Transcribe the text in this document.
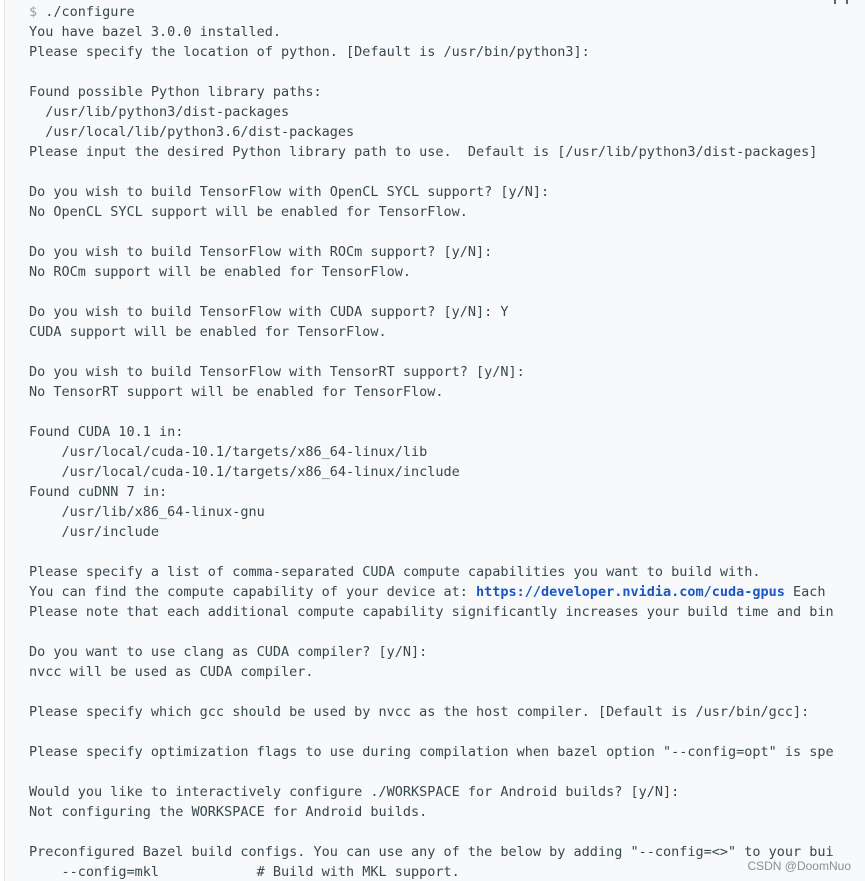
$ ./configure
You have bazel 3.0.0 installed.
Please specify the location of python. [Default is /usr/bin/python3]:
Found possible Python library paths:
/usr/lib/python3/dist-packages
/usr/local/lib/python3.6/dist-packages
Please input the desired Python library path to use.  Default is [/usr/lib/python3/dist-packages]
Do you wish to build TensorFlow with OpenCL SYCL support? [y/N]:
No OpenCL SYCL support will be enabled for TensorFlow.
Do you wish to build TensorFlow with ROCm support? [y/N]:
No ROCm support will be enabled for TensorFlow.
Do you wish to build TensorFlow with CUDA support? [y/N]: Y
CUDA support will be enabled for TensorFlow.
Do you wish to build TensorFlow with TensorRT support? [y/N]:
No TensorRT support will be enabled for TensorFlow.
Found CUDA 10.1 in:
/usr/local/cuda-10.1/targets/x86_64-linux/lib
/usr/local/cuda-10.1/targets/x86_64-linux/include
Found cuDNN 7 in:
/usr/lib/x86_64-linux-gnu
/usr/include
Please specify a list of comma-separated CUDA compute capabilities you want to build with.
You can find the compute capability of your device at: https://developer.nvidia.com/cuda-gpus Each
Please note that each additional compute capability significantly increases your build time and bin
Do you want to use clang as CUDA compiler? [y/N]:
nvcc will be used as CUDA compiler.
Please specify which gcc should be used by nvcc as the host compiler. [Default is /usr/bin/gcc]:
Please specify optimization flags to use during compilation when bazel option "--config=opt" is spe
Would you like to interactively configure ./WORKSPACE for Android builds? [y/N]:
Not configuring the WORKSPACE for Android builds.
Preconfigured Bazel build configs. You can use any of the below by adding "--config=<>" to your bui
--config=mkl            # Build with MKL support.	CSDN @DoomNuo
